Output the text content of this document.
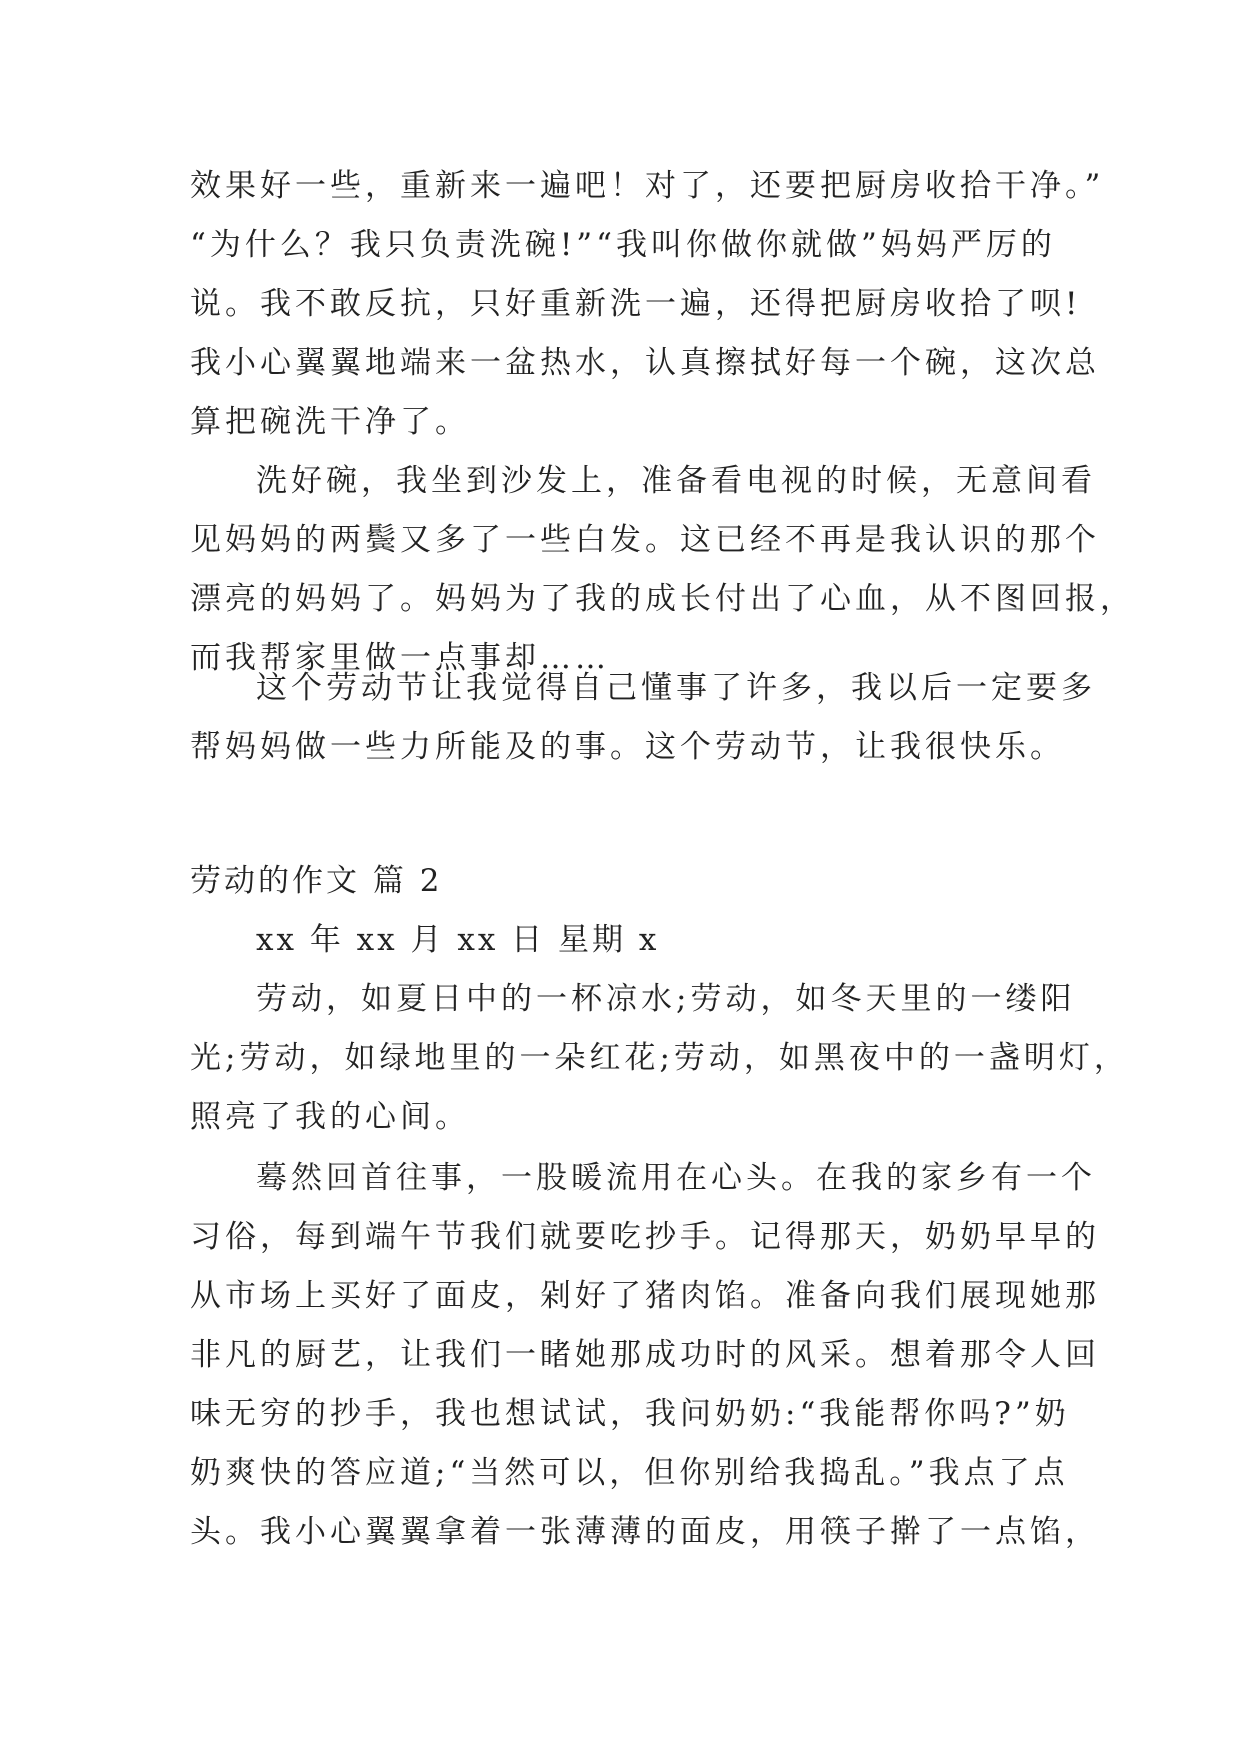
效果好一些，重新来一遍吧！对了，还要把厨房收拾干净。”
“为什么？我只负责洗碗!”“我叫你做你就做”妈妈严厉的
说。我不敢反抗，只好重新洗一遍，还得把厨房收拾了呗!
我小心翼翼地端来一盆热水，认真擦拭好每一个碗，这次总
算把碗洗干净了。
洗好碗，我坐到沙发上，准备看电视的时候，无意间看
见妈妈的两鬓又多了一些白发。这已经不再是我认识的那个
漂亮的妈妈了。妈妈为了我的成长付出了心血，从不图回报，
而我帮家里做一点事却……
这个劳动节让我觉得自己懂事了许多，我以后一定要多
帮妈妈做一些力所能及的事。这个劳动节，让我很快乐。
劳动的作文 篇 2
xx 年 xx 月 xx 日 星期 x
劳动，如夏日中的一杯凉水;劳动，如冬天里的一缕阳
光;劳动，如绿地里的一朵红花;劳动，如黑夜中的一盏明灯，
照亮了我的心间。
蓦然回首往事，一股暖流用在心头。在我的家乡有一个
习俗，每到端午节我们就要吃抄手。记得那天，奶奶早早的
从市场上买好了面皮，剁好了猪肉馅。准备向我们展现她那
非凡的厨艺，让我们一睹她那成功时的风采。想着那令人回
味无穷的抄手，我也想试试，我问奶奶:“我能帮你吗?”奶
奶爽快的答应道;“当然可以，但你别给我捣乱。”我点了点
头。我小心翼翼拿着一张薄薄的面皮，用筷子擀了一点馅，
